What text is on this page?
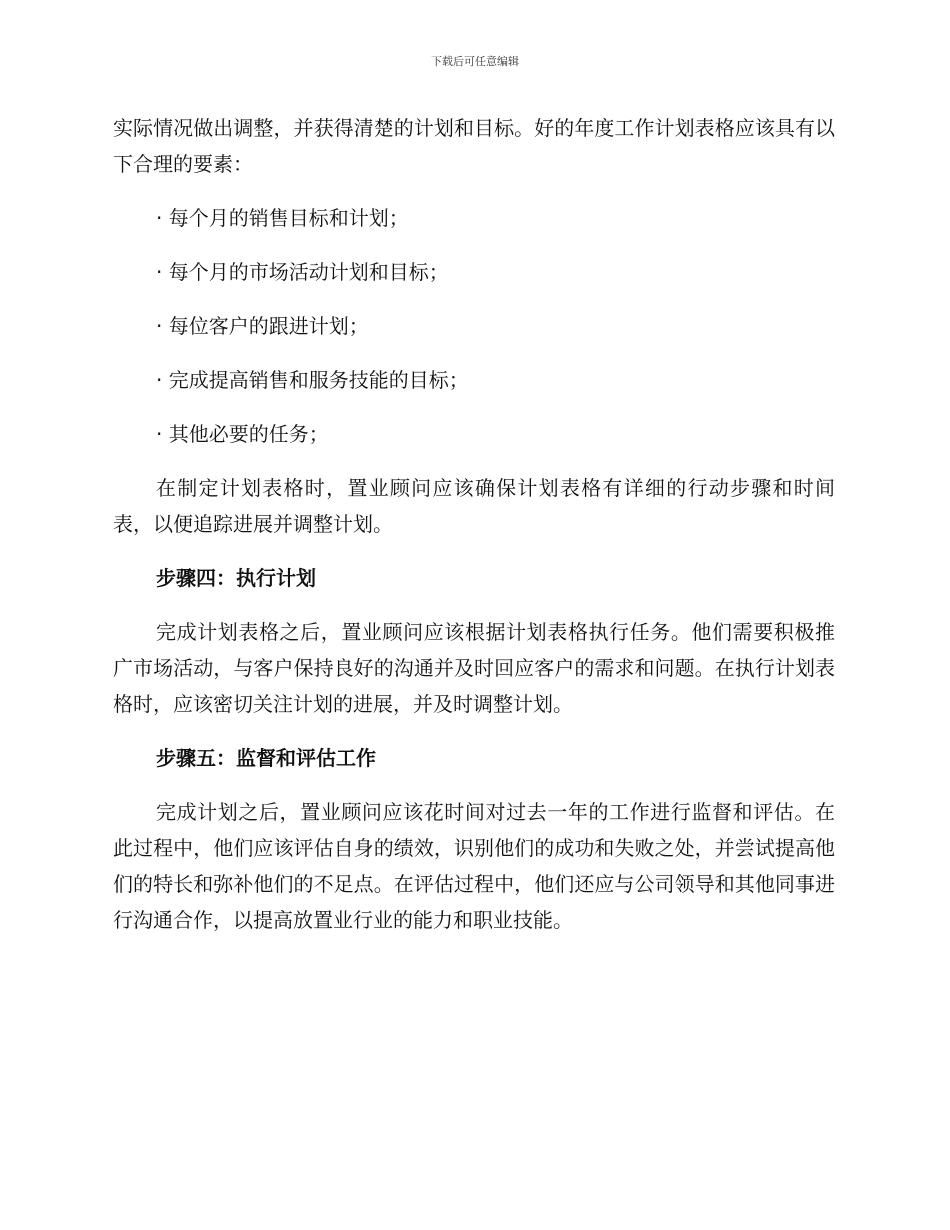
下载后可任意编辑

实际情况做出调整，并获得清楚的计划和目标。好的年度工作计划表格应该具有以下合理的要素：

· 每个月的销售目标和计划；
· 每个月的市场活动计划和目标；
· 每位客户的跟进计划；
· 完成提高销售和服务技能的目标；
· 其他必要的任务；

在制定计划表格时，置业顾问应该确保计划表格有详细的行动步骤和时间表，以便追踪进展并调整计划。

步骤四：执行计划

完成计划表格之后，置业顾问应该根据计划表格执行任务。他们需要积极推广市场活动，与客户保持良好的沟通并及时回应客户的需求和问题。在执行计划表格时，应该密切关注计划的进展，并及时调整计划。

步骤五：监督和评估工作

完成计划之后，置业顾问应该花时间对过去一年的工作进行监督和评估。在此过程中，他们应该评估自身的绩效，识别他们的成功和失败之处，并尝试提高他们的特长和弥补他们的不足点。在评估过程中，他们还应与公司领导和其他同事进行沟通合作，以提高放置业行业的能力和职业技能。
